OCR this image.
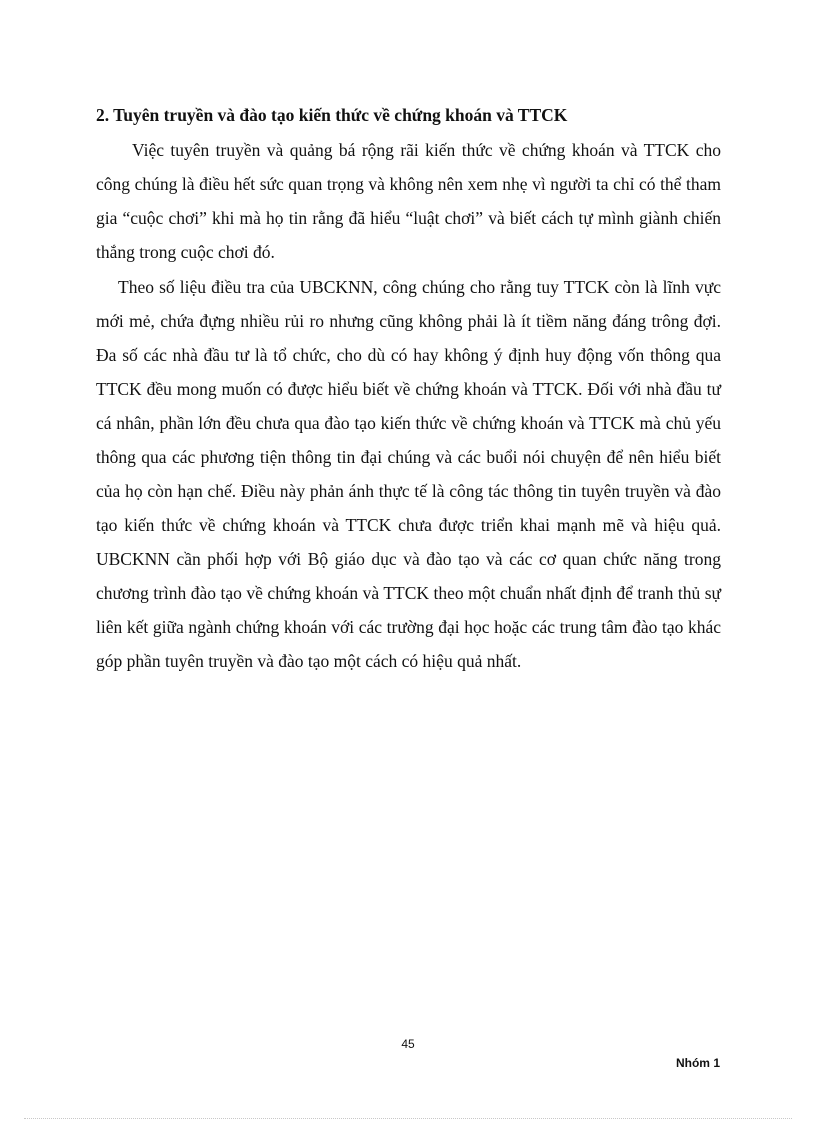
2. Tuyên truyền và đào tạo kiến thức về chứng khoán và TTCK

Việc tuyên truyền và quảng bá rộng rãi kiến thức về chứng khoán và TTCK cho công chúng là điều hết sức quan trọng và không nên xem nhẹ vì người ta chỉ có thể tham gia “cuộc chơi” khi mà họ tin rằng đã hiểu “luật chơi” và biết cách tự mình giành chiến thắng trong cuộc chơi đó.

Theo số liệu điều tra của UBCKNN, công chúng cho rằng tuy TTCK còn là lĩnh vực mới mẻ, chứa đựng nhiều rủi ro nhưng cũng không phải là ít tiềm năng đáng trông đợi. Đa số các nhà đầu tư là tổ chức, cho dù có hay không ý định huy động vốn thông qua TTCK đều mong muốn có được hiểu biết về chứng khoán và TTCK. Đối với nhà đầu tư cá nhân, phần lớn đều chưa qua đào tạo kiến thức về chứng khoán và TTCK mà chủ yếu thông qua các phương tiện thông tin đại chúng và các buổi nói chuyện để nên hiểu biết của họ còn hạn chế. Điều này phản ánh thực tế là công tác thông tin tuyên truyền và đào tạo kiến thức về chứng khoán và TTCK chưa được triển khai mạnh mẽ và hiệu quả. UBCKNN cần phối hợp với Bộ giáo dục và đào tạo và các cơ quan chức năng trong chương trình đào tạo về chứng khoán và TTCK theo một chuẩn nhất định để tranh thủ sự liên kết giữa ngành chứng khoán với các trường đại học hoặc các trung tâm đào tạo khác góp phần tuyên truyền và đào tạo một cách có hiệu quả nhất.

45
Nhóm 1
